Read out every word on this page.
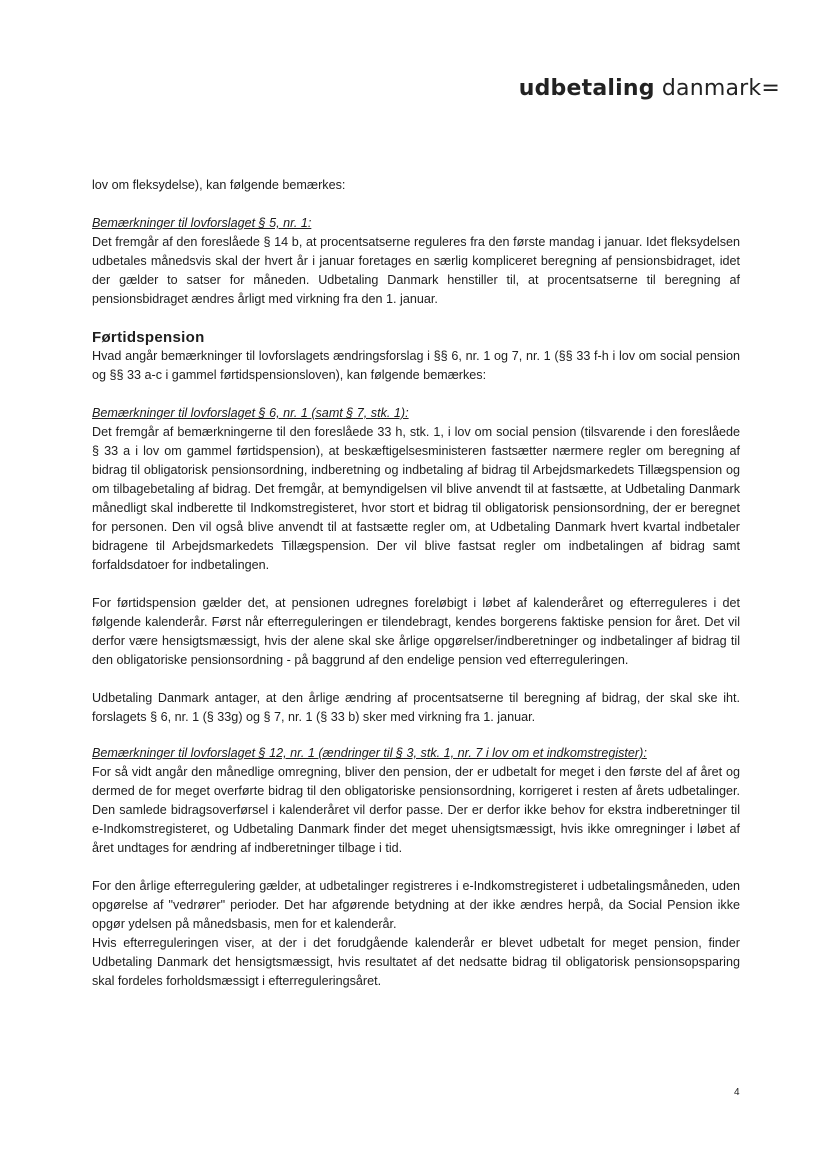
udbetaling danmark=

lov om fleksydelse), kan følgende bemærkes:

Bemærkninger til lovforslaget § 5, nr. 1:

Det fremgår af den foreslåede § 14 b, at procentsatserne reguleres fra den første mandag i januar. Idet fleksydelsen udbetales månedsvis skal der hvert år i januar foretages en særlig kompliceret beregning af pensionsbidraget, idet der gælder to satser for måneden. Udbetaling Danmark henstiller til, at procentsatserne til beregning af pensionsbidraget ændres årligt med virkning fra den 1. januar.

Førtidspension

Hvad angår bemærkninger til lovforslagets ændringsforslag i §§ 6, nr. 1 og 7, nr. 1 (§§ 33 f-h i lov om social pension og §§ 33 a-c i gammel førtidspensionsloven), kan følgende bemærkes:

Bemærkninger til lovforslaget § 6, nr. 1 (samt § 7, stk. 1):

Det fremgår af bemærkningerne til den foreslåede 33 h, stk. 1, i lov om social pension (tilsvarende i den foreslåede § 33 a i lov om gammel førtidspension), at beskæftigelsesministeren fastsætter nærmere regler om beregning af bidrag til obligatorisk pensionsordning, indberetning og indbetaling af bidrag til Arbejdsmarkedets Tillægspension og om tilbagebetaling af bidrag. Det fremgår, at bemyndigelsen vil blive anvendt til at fastsætte, at Udbetaling Danmark månedligt skal indberette til Indkomstregisteret, hvor stort et bidrag til obligatorisk pensionsordning, der er beregnet for personen. Den vil også blive anvendt til at fastsætte regler om, at Udbetaling Danmark hvert kvartal indbetaler bidragene til Arbejdsmarkedets Tillægspension. Der vil blive fastsat regler om indbetalingen af bidrag samt forfaldsdatoer for indbetalingen.

For førtidspension gælder det, at pensionen udregnes foreløbigt i løbet af kalenderåret og efterreguleres i det følgende kalenderår. Først når efterreguleringen er tilendebragt, kendes borgerens faktiske pension for året. Det vil derfor være hensigtsmæssigt, hvis der alene skal ske årlige opgørelser/indberetninger og indbetalinger af bidrag til den obligatoriske pensionsordning - på baggrund af den endelige pension ved efterreguleringen.

Udbetaling Danmark antager, at den årlige ændring af procentsatserne til beregning af bidrag, der skal ske iht. forslagets § 6, nr. 1 (§ 33g) og § 7, nr. 1 (§ 33 b) sker med virkning fra 1. januar.

Bemærkninger til lovforslaget § 12, nr. 1 (ændringer til § 3, stk. 1, nr. 7 i lov om et indkomstregister):

For så vidt angår den månedlige omregning, bliver den pension, der er udbetalt for meget i den første del af året og dermed de for meget overførte bidrag til den obligatoriske pensionsordning, korrigeret i resten af årets udbetalinger. Den samlede bidragsoverførsel i kalenderåret vil derfor passe. Der er derfor ikke behov for ekstra indberetninger til e-Indkomstregisteret, og Udbetaling Danmark finder det meget uhensigtsmæssigt, hvis ikke omregninger i løbet af året undtages for ændring af indberetninger tilbage i tid.

For den årlige efterregulering gælder, at udbetalinger registreres i e-Indkomstregisteret i udbetalingsmåneden, uden opgørelse af "vedrører" perioder. Det har afgørende betydning at der ikke ændres herpå, da Social Pension ikke opgør ydelsen på månedsbasis, men for et kalenderår.

Hvis efterreguleringen viser, at der i det forudgående kalenderår er blevet udbetalt for meget pension, finder Udbetaling Danmark det hensigtsmæssigt, hvis resultatet af det nedsatte bidrag til obligatorisk pensionsopsparing skal fordeles forholdsmæssigt i efterreguleringsåret.

4
